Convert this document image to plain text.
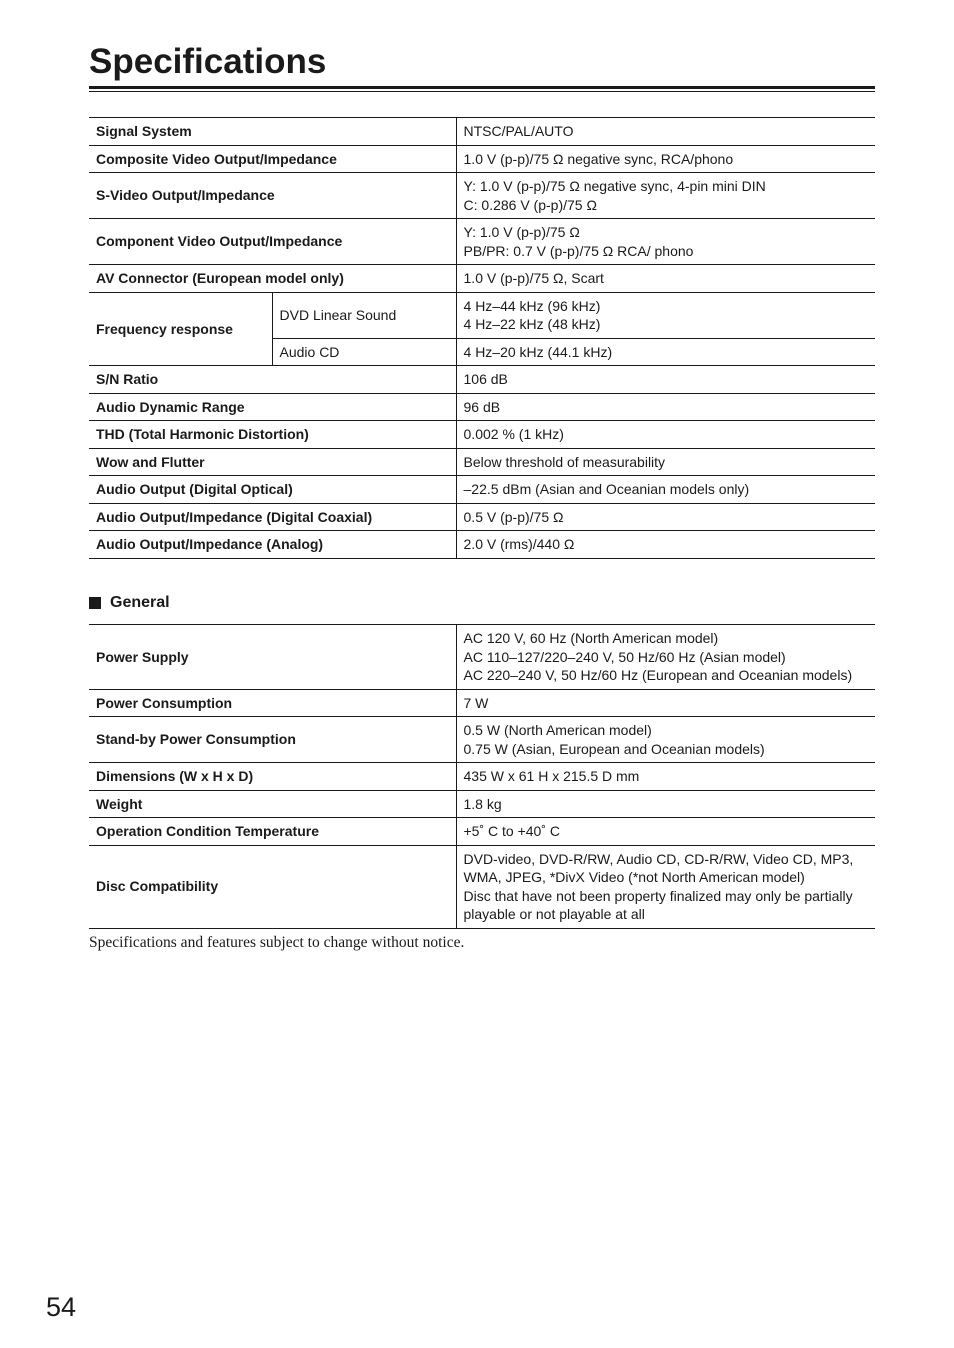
Specifications
Signal System		NTSC/PAL/AUTO

Composite Video Output/Impedance		1.0 V (p-p)/75 Ω negative sync, RCA/phono

S-Video Output/Impedance		Y: 1.0 V (p-p)/75 Ω negative sync, 4-pin mini DIN
C: 0.286 V (p-p)/75 Ω

Component Video Output/Impedance		Y: 1.0 V (p-p)/75 Ω
PB/PR: 0.7 V (p-p)/75 Ω RCA/ phono

AV Connector (European model only)		1.0 V (p-p)/75 Ω, Scart

Frequency response	DVD Linear Sound	4 Hz–44 kHz (96 kHz)
4 Hz–22 kHz (48 kHz)

	Audio CD	4 Hz–20 kHz (44.1 kHz)

S/N Ratio		106 dB

Audio Dynamic Range		96 dB

THD (Total Harmonic Distortion)		0.002 % (1 kHz)

Wow and Flutter		Below threshold of measurability

Audio Output (Digital Optical)		–22.5 dBm (Asian and Oceanian models only)

Audio Output/Impedance (Digital Coaxial)		0.5 V (p-p)/75 Ω

Audio Output/Impedance (Analog)		2.0 V (rms)/440 Ω
General
Power Supply	AC 120 V, 60 Hz (North American model)
AC 110–127/220–240 V, 50 Hz/60 Hz (Asian model)
AC 220–240 V, 50 Hz/60 Hz (European and Oceanian models)

Power Consumption	7 W

Stand-by Power Consumption	0.5 W (North American model)
0.75 W (Asian, European and Oceanian models)

Dimensions (W x H x D)	435 W x 61 H x 215.5 D mm

Weight	1.8 kg

Operation Condition Temperature	+5˚ C to +40˚ C

Disc Compatibility	DVD-video, DVD-R/RW, Audio CD, CD-R/RW, Video CD, MP3,
WMA, JPEG, *DivX Video (*not North American model)
Disc that have not been property finalized may only be partially
playable or not playable at all

Specifications and features subject to change without notice.

54
